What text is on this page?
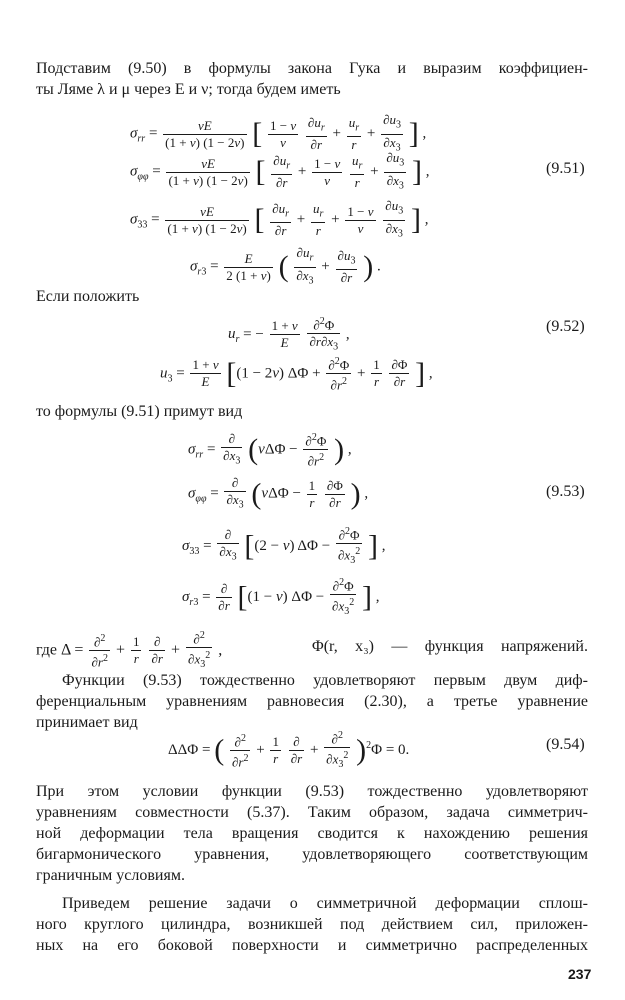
Подставим (9.50) в формулы закона Гука и выразим коэффициен-

ты Ляме λ и μ через E и ν; тогда будем иметь

$\sigma_{rr} = \frac{\nu E}{(1 + \nu) (1 - 2\nu)}$ [ $\frac{1 - \nu}{\nu}$
$\frac{\partial u_r}{\partial r} + \frac{u_r}{r} + \frac{\partial u_3}{\partial x_3}$ ] ,
$\sigma_{\varphi\varphi} = \frac{\nu E}{(1 + \nu) (1 - 2\nu)}$ [ $\frac{\partial u_r}{\partial r} + \frac{1 - \nu}{\nu}$
$\frac{u_r}{r} + \frac{\partial u_3}{\partial x_3}$ ] ,	(9.51)
$\sigma_{33} = \frac{\nu E}{(1 + \nu) (1 - 2\nu)}$ [ $\frac{\partial u_r}{\partial r} + \frac{u_r}{r} + \frac{1 - \nu}{\nu}$
$\frac{\partial u_3}{\partial x_3}$ ] ,
$\sigma_{r3} = \frac{E}{2 (1 + \nu)}$ ( $\frac{\partial u_r}{\partial x_3} + \frac{\partial u_3}{\partial r}$ ) .

Если положить

$u_r$ = − $\frac{1 + \nu}{E}$
$\frac{\partial^2\Phi}{\partial r\partial x_3}$ ,	(9.52)
$u_3 = \frac{1 + \nu}{E} [(1 - 2\nu) \Delta\Phi + \frac{\partial^2\Phi}{\partial r^2} + \frac{1}{r}$
$\frac{\partial\Phi}{\partial r}$ ] ,

то формулы (9.51) примут вид

$\sigma_{rr} = \frac{\partial}{\partial x_3} (\nu\Delta\Phi - \frac{\partial^2\Phi}{\partial r^2}$ ) ,
$\sigma_{\varphi\varphi} = \frac{\partial}{\partial x_3} (\nu\Delta\Phi - \frac{1}{r}$
$\frac{\partial\Phi}{\partial r}$ ) ,	(9.53)
$\sigma_{33} = \frac{\partial}{\partial x_3} [(2 - \nu) \Delta\Phi - \frac{\partial^2\Phi}{\partial x_3^2}$ ] ,
$\sigma_{r3} = \frac{\partial}{\partial r} [(1 - \nu) \Delta\Phi - \frac{\partial^2\Phi}{\partial x_3^2}$ ] ,
где $\Delta = \frac{\partial^2}{\partial r^2} + \frac{1}{r}$
$\frac{\partial}{\partial r} + \frac{\partial^2}{\partial x_3^2}$ ,	Φ(r, x₃) — функция напряжений.

Функции (9.53) тождественно удовлетворяют первым двум диф-

ференциальным уравнениям равновесия (2.30), а третье уравнение

принимает вид

ΔΔΦ = ( $\frac{\partial^2}{\partial r^2} + \frac{1}{r}$
$\frac{\partial}{\partial r} + \frac{\partial^2}{\partial x_3^2} )^2\Phi = 0$.	(9.54)

При этом условии функции (9.53) тождественно удовлетворяют

уравнениям совместности (5.37). Таким образом, задача симметрич-

ной деформации тела вращения сводится к нахождению решения

бигармонического уравнения, удовлетворяющего соответствующим

граничным условиям.

Приведем решение задачи о симметричной деформации сплош-

ного круглого цилиндра, возникшей под действием сил, приложен-

ных на его боковой поверхности и симметрично распределенных

237
